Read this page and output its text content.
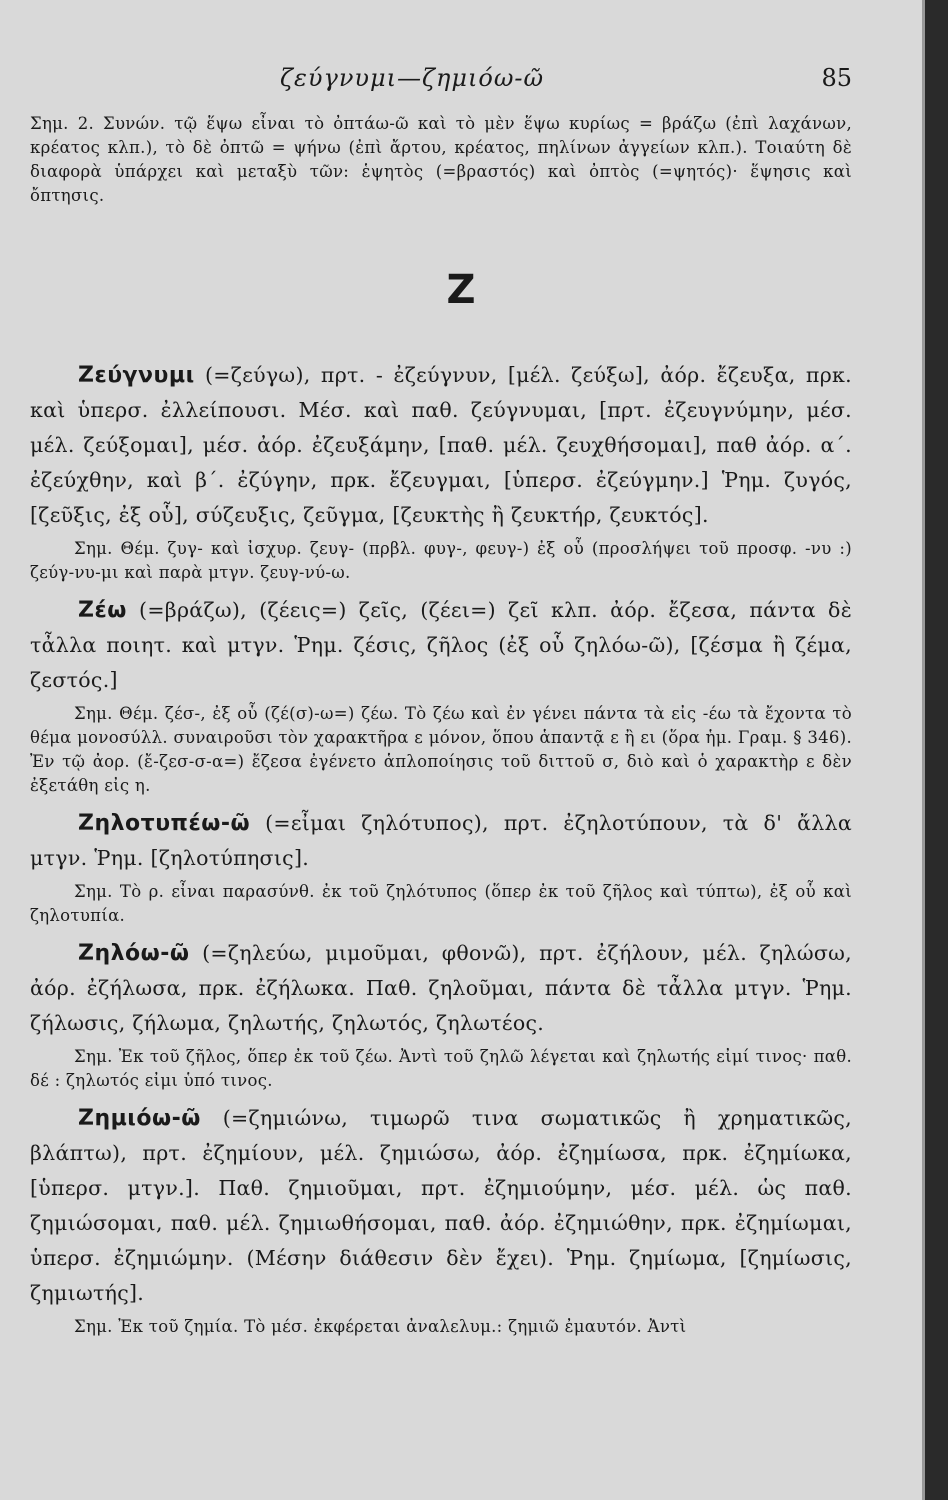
ζεύγνυμι—ζημιόω-ῶ	85

Σημ. 2. Συνών. τῷ ἕψω εἶναι τὸ ὀπτάω-ῶ καὶ τὸ μὲν ἕψω κυρίως = βράζω (ἐπὶ λαχάνων, κρέατος κλπ.), τὸ δὲ ὀπτῶ = ψήνω (ἐπὶ ἄρτου, κρέατος, πηλίνων ἀγγείων κλπ.). Τοιαύτη δὲ διαφορὰ ὑπάρχει καὶ μεταξὺ τῶν: ἑψητὸς (=βραστός) καὶ ὀπτὸς (=ψητός)· ἕψησις καὶ ὄπτησις.

Z

Ζεύγνυμι (=ζεύγω), πρτ. - ἐζεύγνυν, [μέλ. ζεύξω], ἀόρ. ἔζευξα, πρκ. καὶ ὑπερσ. ἐλλείπουσι. Μέσ. καὶ παθ. ζεύγνυμαι, [πρτ. ἐζευγνύμην, μέσ. μέλ. ζεύξομαι], μέσ. ἀόρ. ἐζευξάμην, [παθ. μέλ. ζευχθήσομαι], παθ ἀόρ. α΄. ἐζεύχθην, καὶ β΄. ἐζύγην, πρκ. ἔζευγμαι, [ὑπερσ. ἐζεύγμην.] Ῥημ. ζυγός, [ζεῦξις, ἐξ οὗ], σύζευξις, ζεῦγμα, [ζευκτὴς ἢ ζευκτήρ, ζευκτός].

Σημ. Θέμ. ζυγ- καὶ ἰσχυρ. ζευγ- (πρβλ. φυγ-, φευγ-) ἐξ οὗ (προσλήψει τοῦ προσφ. -νυ :) ζεύγ-νυ-μι καὶ παρὰ μτγν. ζευγ-νύ-ω.

Ζέω (=βράζω), (ζέεις=) ζεῖς, (ζέει=) ζεῖ κλπ. ἀόρ. ἔζεσα, πάντα δὲ τἆλλα ποιητ. καὶ μτγν. Ῥημ. ζέσις, ζῆλος (ἐξ οὗ ζηλόω-ῶ), [ζέσμα ἢ ζέμα, ζεστός.]

Σημ. Θέμ. ζέσ-, ἐξ οὗ (ζέ(σ)-ω=) ζέω. Τὸ ζέω καὶ ἐν γένει πάντα τὰ εἰς -έω τὰ ἔχοντα τὸ θέμα μονοσύλλ. συναιροῦσι τὸν χαρακτῆρα ε μόνον, ὅπου ἁπαντᾷ ε ἢ ει (ὅρα ἡμ. Γραμ. § 346). Ἐν τῷ ἀορ. (ἔ-ζεσ-σ-α=) ἔζεσα ἐγένετο ἁπλοποίησις τοῦ διττοῦ σ, διὸ καὶ ὁ χαρακτὴρ ε δὲν ἐξετάθη εἰς η.

Ζηλοτυπέω-ῶ (=εἶμαι ζηλότυπος), πρτ. ἐζηλοτύπουν, τὰ δ' ἄλλα μτγν. Ῥημ. [ζηλοτύπησις].

Σημ. Τὸ ρ. εἶναι παρασύνθ. ἐκ τοῦ ζηλότυπος (ὅπερ ἐκ τοῦ ζῆλος καὶ τύπτω), ἐξ οὗ καὶ ζηλοτυπία.

Ζηλόω-ῶ (=ζηλεύω, μιμοῦμαι, φθονῶ), πρτ. ἐζήλουν, μέλ. ζηλώσω, ἀόρ. ἐζήλωσα, πρκ. ἐζήλωκα. Παθ. ζηλοῦμαι, πάντα δὲ τἆλλα μτγν. Ῥημ. ζήλωσις, ζήλωμα, ζηλωτής, ζηλωτός, ζηλωτέος.

Σημ. Ἐκ τοῦ ζῆλος, ὅπερ ἐκ τοῦ ζέω. Ἀντὶ τοῦ ζηλῶ λέγεται καὶ ζηλωτής εἰμί τινος· παθ. δέ : ζηλωτός εἰμι ὑπό τινος.

Ζημιόω-ῶ (=ζημιώνω, τιμωρῶ τινα σωματικῶς ἢ χρηματικῶς, βλάπτω), πρτ. ἐζημίουν, μέλ. ζημιώσω, ἀόρ. ἐζημίωσα, πρκ. ἐζημίωκα, [ὑπερσ. μτγν.]. Παθ. ζημιοῦμαι, πρτ. ἐζημιούμην, μέσ. μέλ. ὡς παθ. ζημιώσομαι, παθ. μέλ. ζημιωθήσομαι, παθ. ἀόρ. ἐζημιώθην, πρκ. ἐζημίωμαι, ὑπερσ. ἐζημιώμην. (Μέσην διάθεσιν δὲν ἔχει). Ῥημ. ζημίωμα, [ζημίωσις, ζημιωτής].

Σημ. Ἐκ τοῦ ζημία. Τὸ μέσ. ἐκφέρεται ἀναλελυμ.: ζημιῶ ἐμαυτόν. Ἀντὶ
